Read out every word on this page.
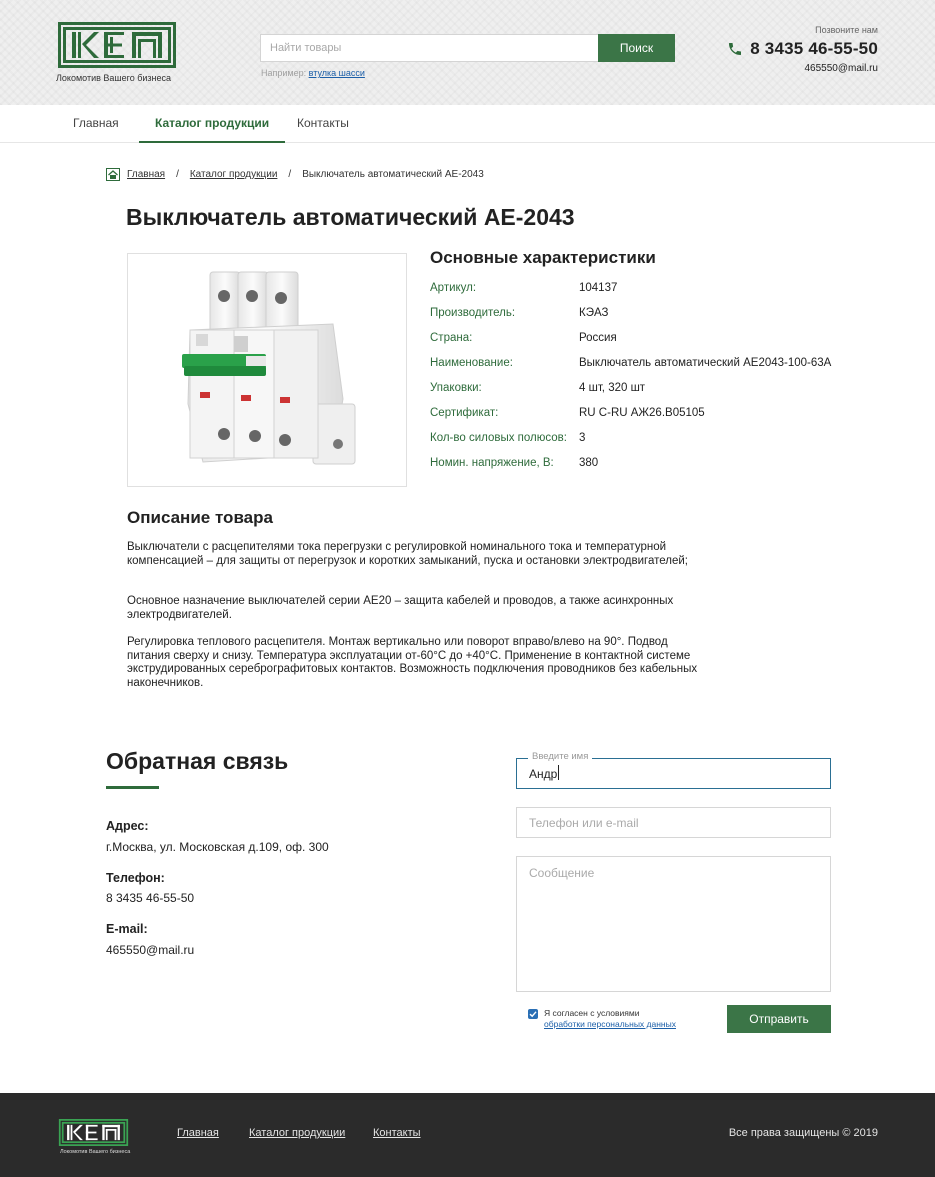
Локомотив Вашего бизнеса
Найти товары
Поиск
Например: втулка шасси
Позвоните нам
8 3435 46-55-50
465550@mail.ru
Главная	Каталог продукции	Контакты
Главная / Каталог продукции / Выключатель автоматический АЕ-2043
Выключатель автоматический АЕ-2043
Основные характеристики
Артикул:	104137
Производитель:	КЭАЗ
Страна:	Россия
Наименование:	Выключатель автоматический АЕ2043-100-63А
Упаковки:	4 шт, 320 шт
Сертификат:	RU С-RU АЖ26.В05105
Кол-во силовых полюсов: 3
Номин. напряжение, В: 380
Описание товара

Выключатели с расцепителями тока перегрузки с регулировкой номинального тока и температурной компенсацией – для защиты от перегрузок и коротких замыканий, пуска и остановки электродвигателей;

Основное назначение выключателей серии АЕ20 – защита кабелей и проводов, а также асинхронных электродвигателей.

Регулировка теплового расцепителя. Монтаж вертикально или поворот вправо/влево на 90°. Подвод питания сверху и снизу. Температура эксплуатации от-60°C до +40°C. Применение в контактной системе экструдированных серебрографитовых контактов. Возможность подключения проводников без кабельных наконечников.

Обратная связь
Адрес:
г.Москва, ул. Московская д.109, оф. 300
Телефон:
8 3435 46-55-50
E-mail:
465550@mail.ru
Андр
Введите имя
Телефон или e-mail
Сообщение
Я согласен с условиями
обработки персональных данных	Отправить
Локомотив Вашего бизнеса
Главная	Каталог продукции	Контакты	Все права защищены © 2019
